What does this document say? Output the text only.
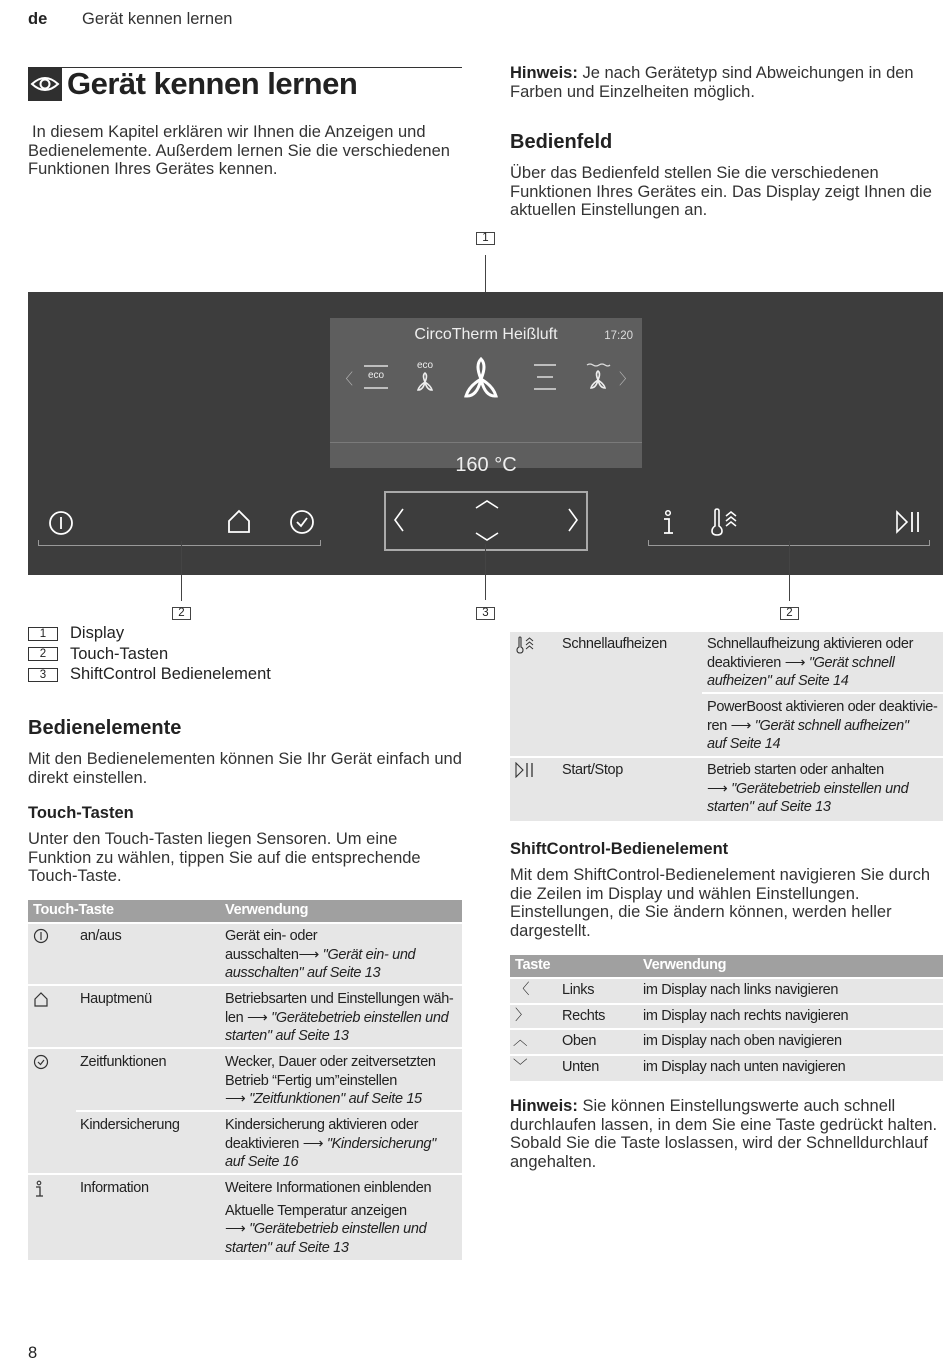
de Gerät kennen lernen
Gerät kennen lernen
In diesem Kapitel erklären wir Ihnen die Anzeigen und Bedienelemente. Außerdem lernen Sie die verschiedenen Funktionen Ihres Gerätes kennen.
Hinweis: Je nach Gerätetyp sind Abweichungen in den Farben und Einzelheiten möglich.
Bedienfeld
Über das Bedienfeld stellen Sie die verschiedenen Funktionen Ihres Gerätes ein. Das Display zeigt Ihnen die aktuellen Einstellungen an.
1
CircoTherm Heißluft	17:20
〈	〉
eco
eco
160 °C
2	3	2
1 Display
2 Touch-Tasten
3 ShiftControl Bedienelement
Bedienelemente
Mit den Bedienelementen können Sie Ihr Gerät einfach und direkt einstellen.
Touch-Tasten
Unter den Touch-Tasten liegen Sensoren. Um eine Funktion zu wählen, tippen Sie auf die entsprechende Touch-Taste.
Touch-Taste	Verwendung
an/aus	Gerät ein- oder
ausschalten⟶ "Gerät ein- und
ausschalten" auf Seite 13
Hauptmenü	Betriebsarten und Einstellungen wäh-
len ⟶ "Gerätebetrieb einstellen und
starten" auf Seite 13
Zeitfunktionen	Wecker, Dauer oder zeitversetzten
Betrieb “Fertig um”einstellen
⟶ "Zeitfunktionen" auf Seite 15
Kindersicherung	Kindersicherung aktivieren oder
deaktivieren ⟶ "Kindersicherung"
auf Seite 16
Information	Weitere Informationen einblenden
Aktuelle Temperatur anzeigen
⟶ "Gerätebetrieb einstellen und
starten" auf Seite 13
Schnellaufheizen	Schnellaufheizung aktivieren oder
deaktivieren ⟶ "Gerät schnell
aufheizen" auf Seite 14
PowerBoost aktivieren oder deaktivie-
ren ⟶ "Gerät schnell aufheizen"
auf Seite 14
Start/Stop	Betrieb starten oder anhalten
⟶ "Gerätebetrieb einstellen und
starten" auf Seite 13
ShiftControl-Bedienelement
Mit dem ShiftControl-Bedienelement navigieren Sie durch die Zeilen im Display und wählen Einstellungen. Einstellungen, die Sie ändern können, werden heller dargestellt.
Taste	Verwendung
〈 Links	im Display nach links navigieren
〉 Rechts	im Display nach rechts navigieren
︿ Oben	im Display nach oben navigieren
﹀ Unten	im Display nach unten navigieren
Hinweis: Sie können Einstellungswerte auch schnell durchlaufen lassen, in dem Sie eine Taste gedrückt halten. Sobald Sie die Taste loslassen, wird der Schnelldurchlauf angehalten.
8
